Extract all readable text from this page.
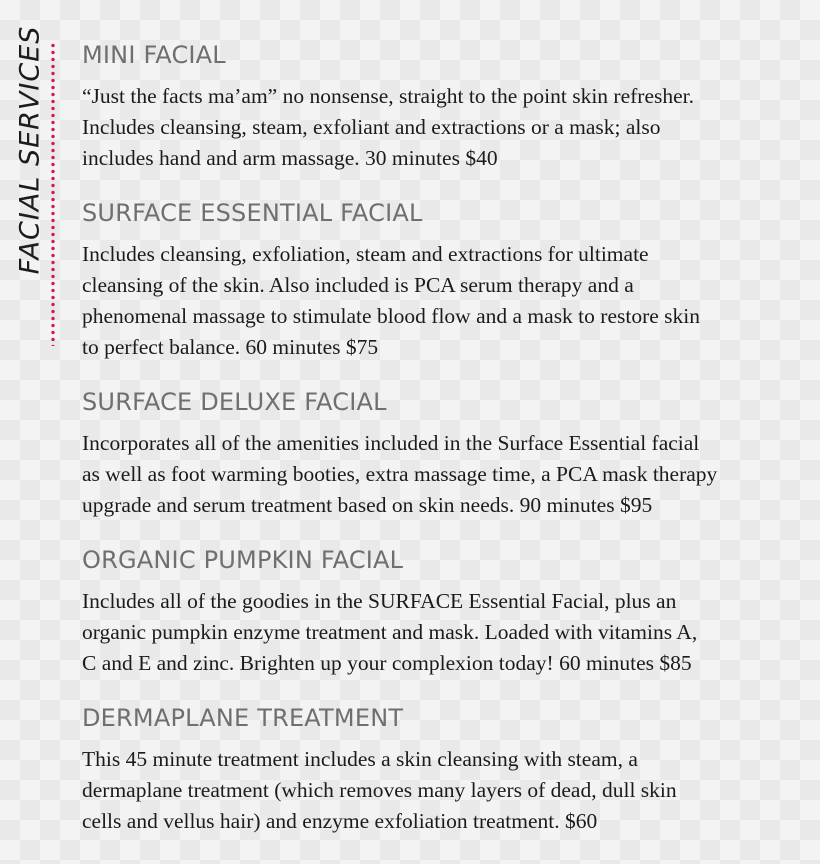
FACIAL SERVICES MINI FACIAL

“Just the facts ma’am” no nonsense, straight to the point skin refresher.
Includes cleansing, steam, exfoliant and extractions or a mask; also
includes hand and arm massage. 30 minutes $40

SURFACE ESSENTIAL FACIAL

Includes cleansing, exfoliation, steam and extractions for ultimate
cleansing of the skin. Also included is PCA serum therapy and a
phenomenal massage to stimulate blood flow and a mask to restore skin
to perfect balance. 60 minutes $75

SURFACE DELUXE FACIAL

Incorporates all of the amenities included in the Surface Essential facial
as well as foot warming booties, extra massage time, a PCA mask therapy
upgrade and serum treatment based on skin needs. 90 minutes $95

ORGANIC PUMPKIN FACIAL

Includes all of the goodies in the SURFACE Essential Facial, plus an
organic pumpkin enzyme treatment and mask. Loaded with vitamins A,
C and E and zinc. Brighten up your complexion today! 60 minutes $85

DERMAPLANE TREATMENT

This 45 minute treatment includes a skin cleansing with steam, a
dermaplane treatment (which removes many layers of dead, dull skin
cells and vellus hair) and enzyme exfoliation treatment. $60
